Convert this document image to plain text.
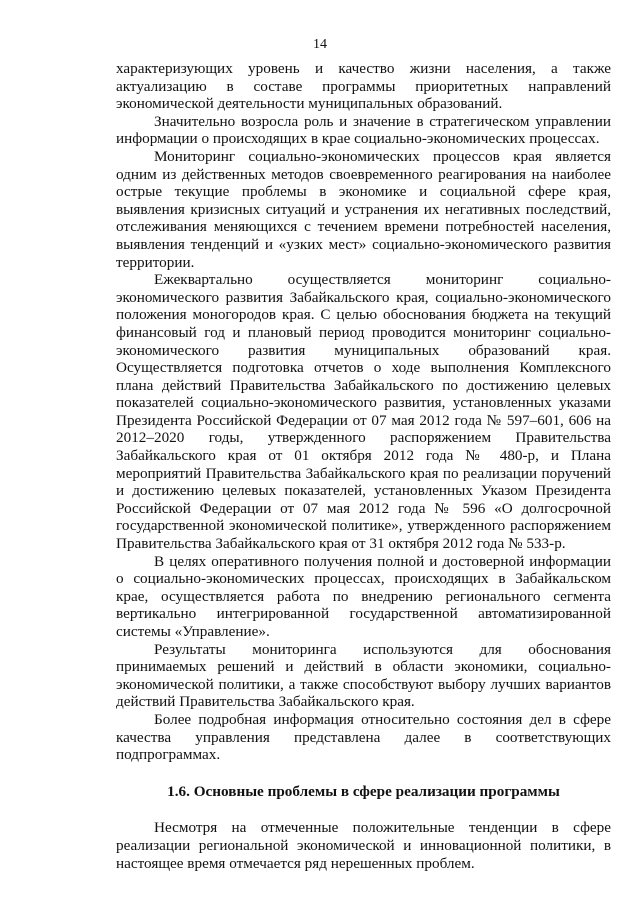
14

характеризующих уровень и качество жизни населения, а также актуализацию в составе программы приоритетных направлений экономической деятельности муниципальных образований.

Значительно возросла роль и значение в стратегическом управлении информации о происходящих в крае социально-экономических процессах.

Мониторинг социально-экономических процессов края является одним из действенных методов своевременного реагирования на наиболее острые текущие проблемы в экономике и социальной сфере края, выявления кризисных ситуаций и устранения их негативных последствий, отслеживания меняющихся с течением времени потребностей населения, выявления тенденций и «узких мест» социально-экономического развития территории.

Ежеквартально осуществляется мониторинг социально-экономического развития Забайкальского края, социально-экономического положения моногородов края. С целью обоснования бюджета на текущий финансовый год и плановый период проводится мониторинг социально-экономического развития муниципальных образований края. Осуществляется подготовка отчетов о ходе выполнения Комплексного плана действий Правительства Забайкальского по достижению целевых показателей социально-экономического развития, установленных указами Президента Российской Федерации от 07 мая 2012 года № 597–601, 606 на 2012–2020 годы, утвержденного распоряжением Правительства Забайкальского края от 01 октября 2012 года № 480-р, и Плана мероприятий Правительства Забайкальского края по реализации поручений и достижению целевых показателей, установленных Указом Президента Российской Федерации от 07 мая 2012 года № 596 «О долгосрочной государственной экономической политике», утвержденного распоряжением Правительства Забайкальского края от 31 октября 2012 года № 533-р.

В целях оперативного получения полной и достоверной информации о социально-экономических процессах, происходящих в Забайкальском крае, осуществляется работа по внедрению регионального сегмента вертикально интегрированной государственной автоматизированной системы «Управление».

Результаты мониторинга используются для обоснования принимаемых решений и действий в области экономики, социально-экономической политики, а также способствуют выбору лучших вариантов действий Правительства Забайкальского края.

Более подробная информация относительно состояния дел в сфере качества управления представлена далее в соответствующих подпрограммах.

1.6. Основные проблемы в сфере реализации программы

Несмотря на отмеченные положительные тенденции в сфере реализации региональной экономической и инновационной политики, в настоящее время отмечается ряд нерешенных проблем.
